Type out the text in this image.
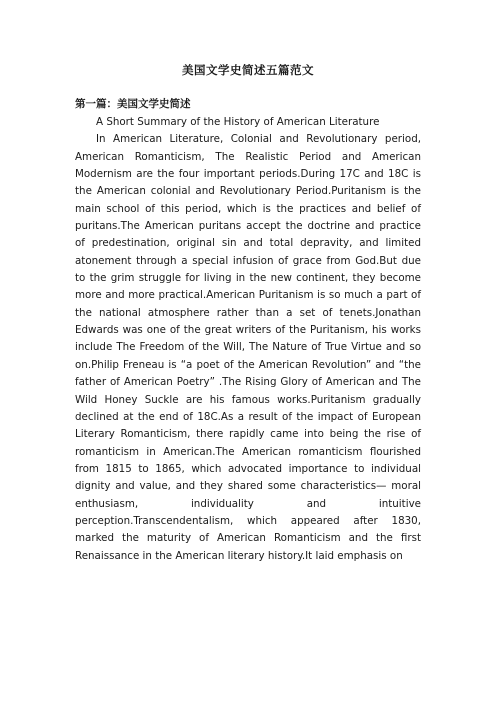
美国文学史简述五篇范文
第一篇：美国文学史简述

A Short Summary of the History of American Literature

In American Literature, Colonial and Revolutionary period, American Romanticism, The Realistic Period and American Modernism are the four important periods.During 17C and 18C is the American colonial and Revolutionary Period.Puritanism is the main school of this period, which is the practices and belief of puritans.The American puritans accept the doctrine and practice of predestination, original sin and total depravity, and limited atonement through a special infusion of grace from God.But due to the grim struggle for living in the new continent, they become more and more practical.American Puritanism is so much a part of the national atmosphere rather than a set of tenets.Jonathan Edwards was one of the great writers of the Puritanism, his works include The Freedom of the Will, The Nature of True Virtue and so on.Philip Freneau is “a poet of the American Revolution” and “the father of American Poetry” .The Rising Glory of American and The Wild Honey Suckle are his famous works.Puritanism gradually declined at the end of 18C.As a result of the impact of European Literary Romanticism, there rapidly came into being the rise of romanticism in American.The American romanticism flourished from 1815 to 1865, which advocated importance to individual dignity and value, and they shared some characteristics— moral enthusiasm, individuality and intuitive perception.Transcendentalism, which appeared after 1830, marked the maturity of American Romanticism and the first Renaissance in the American literary history.It laid emphasis on
